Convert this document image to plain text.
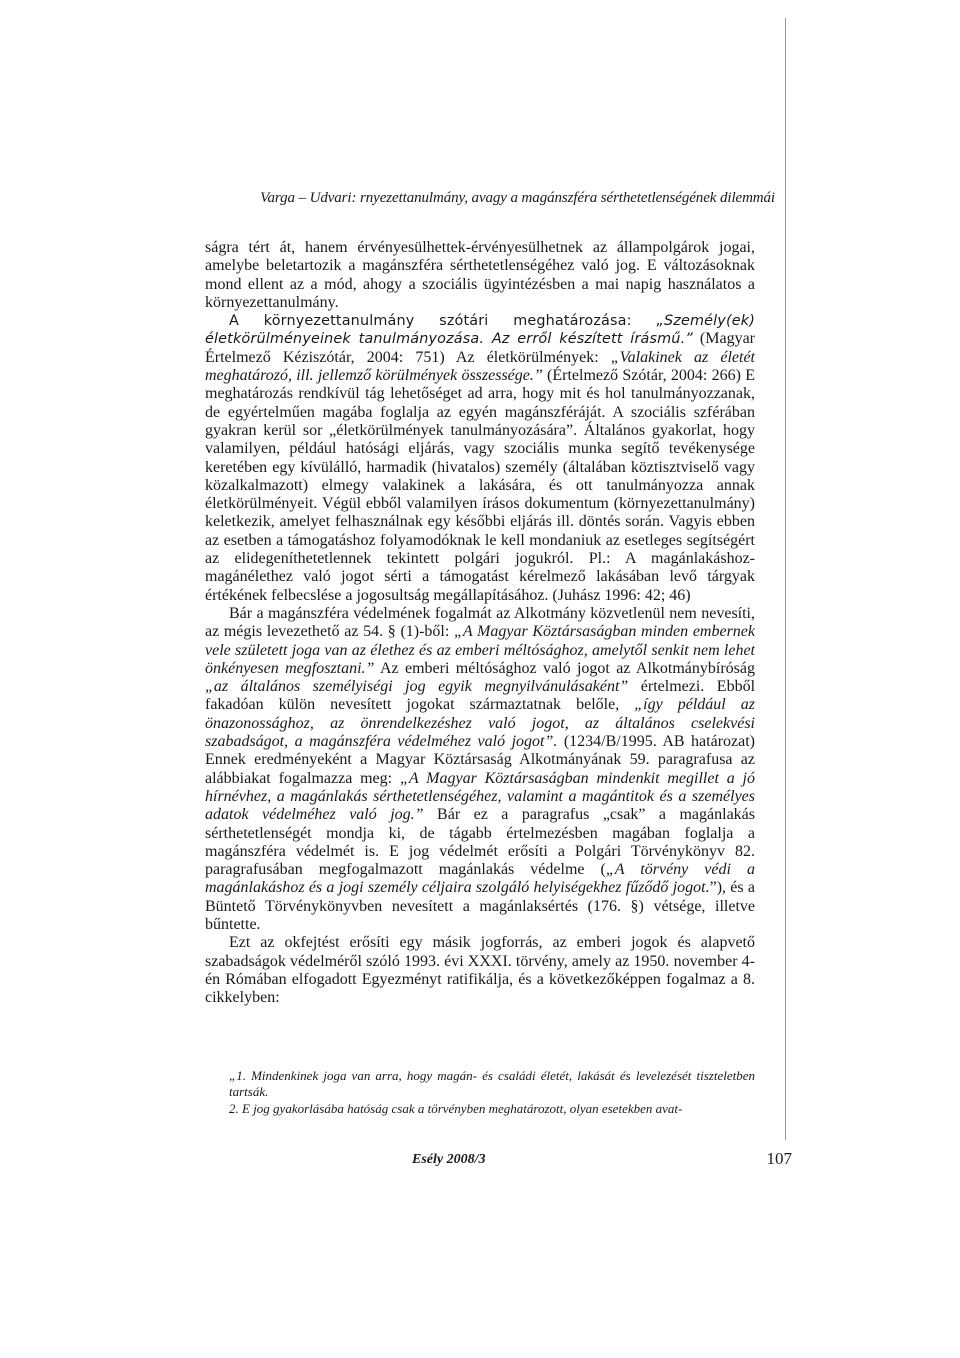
Varga – Udvari: rnyezettanulmány, avagy a magánszféra sérthetetlenségének dilemmái

ságra tért át, hanem érvényesülhettek-érvényesülhetnek az állampolgárok jogai, amelybe beletartozik a magánszféra sérthetetlenségéhez való jog. E változásoknak mond ellent az a mód, ahogy a szociális ügyintézésben a mai napig használatos a környezettanulmány.

A környezettanulmány szótári meghatározása: „Személy(ek) életkörülményeinek tanulmányozása. Az erről készített írásmű.” (Magyar Értelmező Kéziszótár, 2004: 751) Az életkörülmények: „Valakinek az életét meghatározó, ill. jellemző körülmények összessége.” (Értelmező Szótár, 2004: 266) E meghatározás rendkívül tág lehetőséget ad arra, hogy mit és hol tanulmányozzanak, de egyértelműen magába foglalja az egyén magánszféráját. A szociális szférában gyakran kerül sor „életkörülmények tanulmányozására”. Általános gyakorlat, hogy valamilyen, például hatósági eljárás, vagy szociális munka segítő tevékenysége keretében egy kívülálló, harmadik (hivatalos) személy (általában köztisztviselő vagy közalkalmazott) elmegy valakinek a lakására, és ott tanulmányozza annak életkörülményeit. Végül ebből valamilyen írásos dokumentum (környezettanulmány) keletkezik, amelyet felhasználnak egy későbbi eljárás ill. döntés során. Vagyis ebben az esetben a támogatáshoz folyamodóknak le kell mondaniuk az esetleges segítségért az elidegeníthetetlennek tekintett polgári jogukról. Pl.: A magánlakáshoz-magánélethez való jogot sérti a támogatást kérelmező lakásában levő tárgyak értékének felbecslése a jogosultság megállapításához. (Juhász 1996: 42; 46)

Bár a magánszféra védelmének fogalmát az Alkotmány közvetlenül nem nevesíti, az mégis levezethető az 54. § (1)-ből: „A Magyar Köztársaságban minden embernek vele született joga van az élethez és az emberi méltósághoz, amelytől senkit nem lehet önkényesen megfosztani.” Az emberi méltósághoz való jogot az Alkotmánybíróság „az általános személyiségi jog egyik megnyilvánulásaként” értelmezi. Ebből fakadóan külön nevesített jogokat származtatnak belőle, „így például az önazonossághoz, az önrendelkezéshez való jogot, az általános cselekvési szabadságot, a magánszféra védelméhez való jogot”. (1234/B/1995. AB határozat) Ennek eredményeként a Magyar Köztársaság Alkotmányának 59. paragrafusa az alábbiakat fogalmazza meg: „A Magyar Köztársaságban mindenkit megillet a jó hírnévhez, a magánlakás sérthetetlenségéhez, valamint a magántitok és a személyes adatok védelméhez való jog.” Bár ez a paragrafus „csak” a magánlakás sérthetetlenségét mondja ki, de tágabb értelmezésben magában foglalja a magánszféra védelmét is. E jog védelmét erősíti a Polgári Törvénykönyv 82. paragrafusában megfogalmazott magánlakás védelme („A törvény védi a magánlakáshoz és a jogi személy céljaira szolgáló helyiségekhez fűződő jogot.”), és a Büntető Törvénykönyvben nevesített a magánlaksértés (176. §) vétsége, illetve bűntette.

Ezt az okfejtést erősíti egy másik jogforrás, az emberi jogok és alapvető szabadságok védelméről szóló 1993. évi XXXI. törvény, amely az 1950. november 4-én Rómában elfogadott Egyezményt ratifikálja, és a következőképpen fogalmaz a 8. cikkelyben:

„1. Mindenkinek joga van arra, hogy magán- és családi életét, lakását és levelezését tiszteletben tartsák.

2. E jog gyakorlásába hatóság csak a törvényben meghatározott, olyan esetekben avat-

Esély 2008/3	107
